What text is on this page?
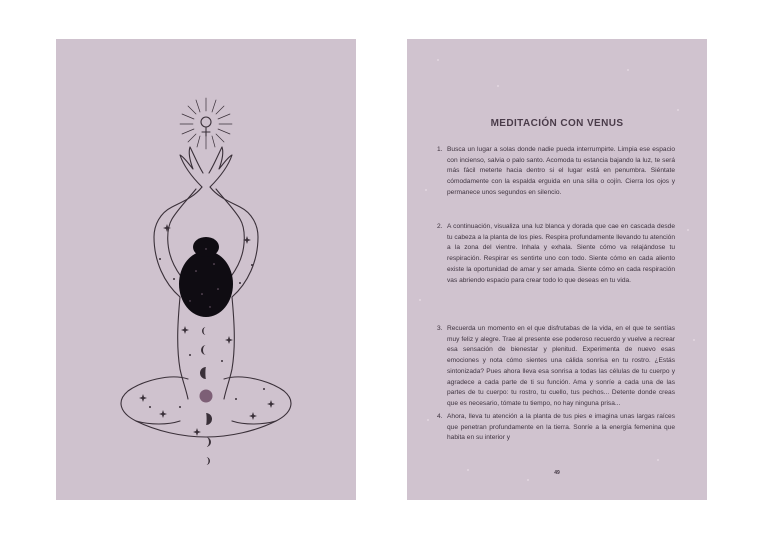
MEDITACIÓN CON VENUS
1. Busca un lugar a solas donde nadie pueda interrumpirte. Limpia ese espacio con incienso, salvia o palo santo. Acomoda tu estancia bajando la luz, te será más fácil meterte hacia dentro si el lugar está en penumbra. Siéntate cómodamente con la espalda erguida en una silla o cojín. Cierra los ojos y permanece unos segundos en silencio.
2. A continuación, visualiza una luz blanca y dorada que cae en cascada desde tu cabeza a la planta de los pies. Respira profundamente llevando tu atención a la zona del vientre. Inhala y exhala. Siente cómo va relajándose tu respiración. Respirar es sentirte uno con todo. Siente cómo en cada aliento existe la oportunidad de amar y ser amada. Siente cómo en cada respiración vas abriendo espacio para crear todo lo que deseas en tu vida.
3. Recuerda un momento en el que disfrutabas de la vida, en el que te sentías muy feliz y alegre. Trae al presente ese poderoso recuerdo y vuelve a recrear esa sensación de bienestar y plenitud. Experimenta de nuevo esas emociones y nota cómo sientes una cálida sonrisa en tu rostro. ¿Estás sintonizada? Pues ahora lleva esa sonrisa a todas las células de tu cuerpo y agradece a cada parte de ti su función. Ama y sonríe a cada una de las partes de tu cuerpo: tu rostro, tu cuello, tus pechos... Detente donde creas que es necesario, tómate tu tiempo, no hay ninguna prisa...
4. Ahora, lleva tu atención a la planta de tus pies e imagina unas largas raíces que penetran profundamente en la tierra. Sonríe a la energía femenina que habita en su interior y
49
